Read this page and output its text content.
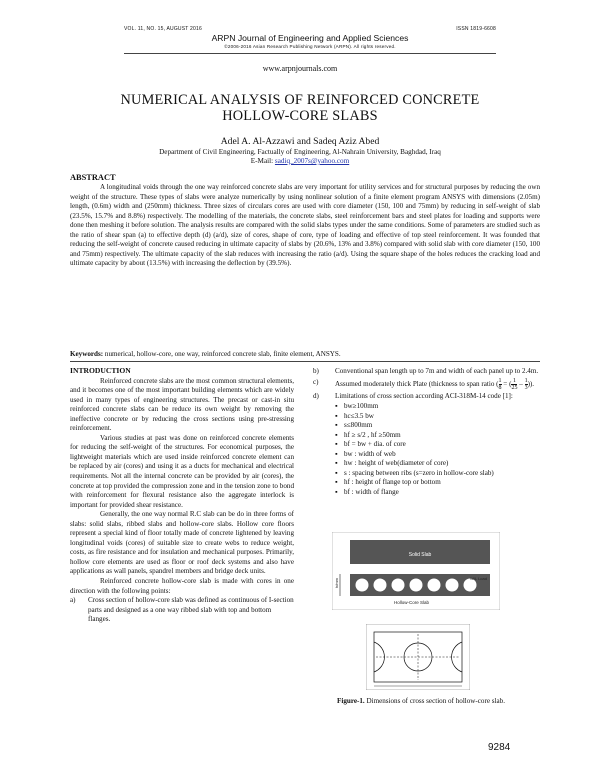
VOL. 11, NO. 15, AUGUST 2016	ISSN 1819-6608
ARPN Journal of Engineering and Applied Sciences
©2006-2016 Asian Research Publishing Network (ARPN). All rights reserved.
www.arpnjournals.com
NUMERICAL ANALYSIS OF REINFORCED CONCRETE
HOLLOW-CORE SLABS
Adel A. Al-Azzawi and Sadeq Aziz Abed
Department of Civil Engineering, Factually of Engineering, Al-Nahrain University, Baghdad, Iraq
E-Mail: sadiq_2007s@yahoo.com
ABSTRACT

A longitudinal voids through the one way reinforced concrete slabs are very important for utility services and for structural purposes by reducing the own weight of the structure. These types of slabs were analyze numerically by using nonlinear solution of a finite element program ANSYS with dimensions (2.05m) length, (0.6m) width and (250mm) thickness. Three sizes of circulars cores are used with core diameter (150, 100 and 75mm) by reducing in self-weight of slab (23.5%, 15.7% and 8.8%) respectively. The modelling of the materials, the concrete slabs, steel reinforcement bars and steel plates for loading and supports were done then meshing it before solution. The analysis results are compared with the solid slabs types under the same conditions. Some of parameters are studied such as the ratio of shear span (a) to effective depth (d) (a/d), size of cores, shape of core, type of loading and effective of top steel reinforcement. It was founded that reducing the self-weight of concrete caused reducing in ultimate capacity of slabs by (20.6%, 13% and 3.8%) compared with solid slab with core diameter (150, 100 and 75mm) respectively. The ultimate capacity of the slab reduces with increasing the ratio (a/d). Using the square shape of the holes reduces the cracking load and ultimate capacity by about (13.5%) with increasing the deflection by (39.5%).

Keywords: numerical, hollow-core, one way, reinforced concrete slab, finite element, ANSYS.
INTRODUCTION

Reinforced concrete slabs are the most common structural elements, and it becomes one of the most important building elements which are widely used in many types of engineering structures. The precast or cast-in situ reinforced concrete slabs can be reduce its own weight by removing the ineffective concrete or by reducing the cross sections using pre-stressing reinforcement.

Various studies at past was done on reinforced concrete elements for reducing the self-weight of the structures. For economical purposes, the lightweight materials which are used inside reinforced concrete element can be replaced by air (cores) and using it as a ducts for mechanical and electrical requirements. Not all the internal concrete can be provided by air (cores), the concrete at top provided the compression zone and in the tension zone to bond with reinforcement for flexural resistance also the aggregate interlock is important for provided shear resistance.

Generally, the one way normal R.C slab can be do in three forms of slabs: solid slabs, ribbed slabs and hollow-core slabs. Hollow core floors represent a special kind of floor totally made of concrete lightened by leaving longitudinal voids (cores) of suitable size to create webs to reduce weight, costs, as fire resistance and for insulation and mechanical purposes. Primarily, hollow core elements are used as floor or roof deck systems and also have applications as wall panels, spandrel members and bridge deck units.

Reinforced concrete hollow-core slab is made with cores in one direction with the following points:

a)	Cross section of hollow-core slab was defined as continuous of I-section parts and designed as a one way ribbed slab with top and bottom flanges.
b)	Conventional span length up to 7m and width of each panel up to 2.4m.
c)	Assumed moderately thick Plate (thickness to span ratio ( $\frac{1}{8}$ = ( $\frac{1}{25} - \frac{1}{3}$ )).
d)	Limitations of cross section according ACI-318M-14 code [1]:
▪ bw≥100mm
▪ hc≤3.5 bw
▪ s≤800mm
▪ hf ≥ s/2 , hf ≥50mm
▪ bf = bw + dia. of core
▪ bw : width of web
▪ hw : height of web(diameter of core)
▪ s : spacing between ribs (s=zero in hollow-core slab)
▪ hf : height of flange top or bottom
▪ bf : width of flange
Solid Slab
h/mm	W/L Load
Hollow-Core Slab
Figure-1. Dimensions of cross section of hollow-core slab.
9284
